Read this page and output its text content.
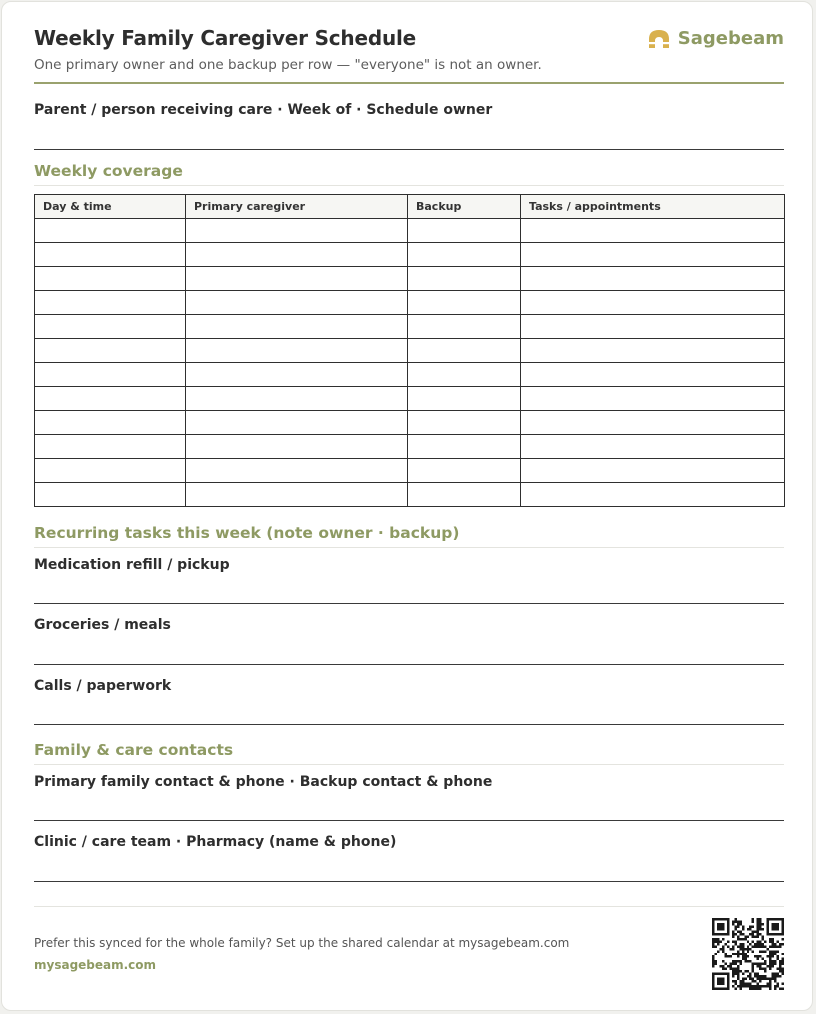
Weekly Family Caregiver Schedule
One primary owner and one backup per row — "everyone" is not an owner.
Sagebeam
Parent / person receiving care · Week of · Schedule owner
Weekly coverage
Day & time	Primary caregiver	Backup	Tasks / appointments

Recurring tasks this week (note owner · backup)
Medication refill / pickup
Groceries / meals
Calls / paperwork
Family & care contacts
Primary family contact & phone · Backup contact & phone
Clinic / care team · Pharmacy (name & phone)
Prefer this synced for the whole family? Set up the shared calendar at mysagebeam.com
mysagebeam.com
